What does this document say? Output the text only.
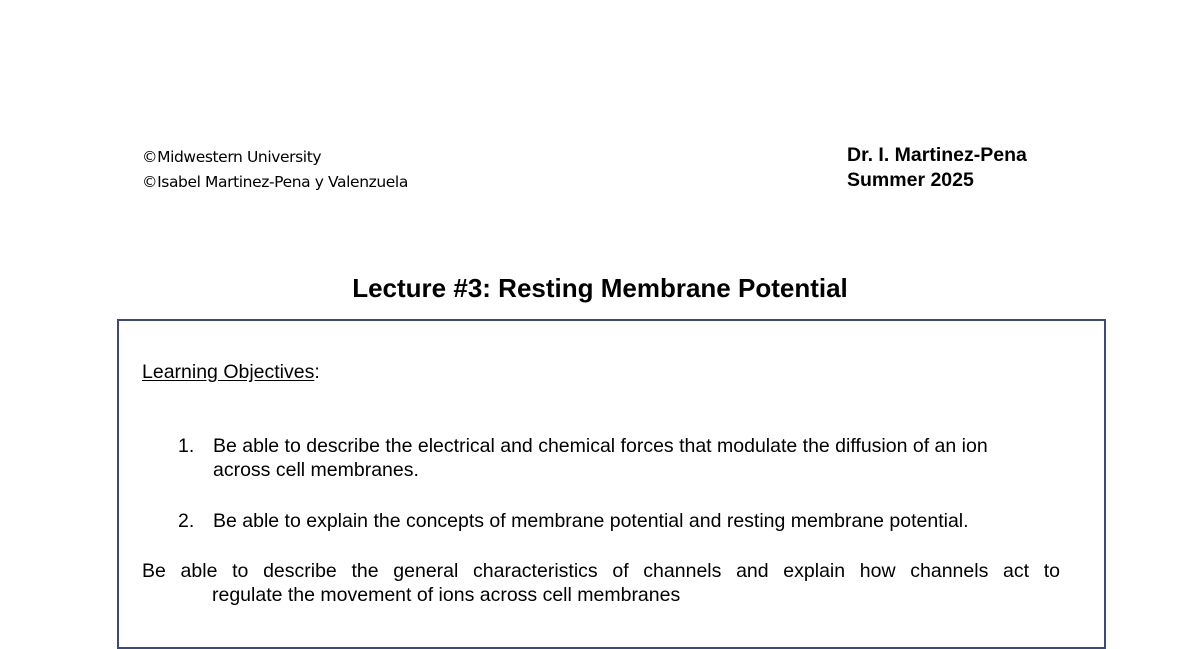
©Midwestern University
©Isabel Martinez-Pena y Valenzuela
Dr. I. Martinez-Pena
Summer 2025
Lecture #3: Resting Membrane Potential
Learning Objectives:
1. Be able to describe the electrical and chemical forces that modulate the diffusion of an ion
across cell membranes.
2. Be able to explain the concepts of membrane potential and resting membrane potential.
Be able to describe the general characteristics of channels and explain how channels act to
regulate the movement of ions across cell membranes
